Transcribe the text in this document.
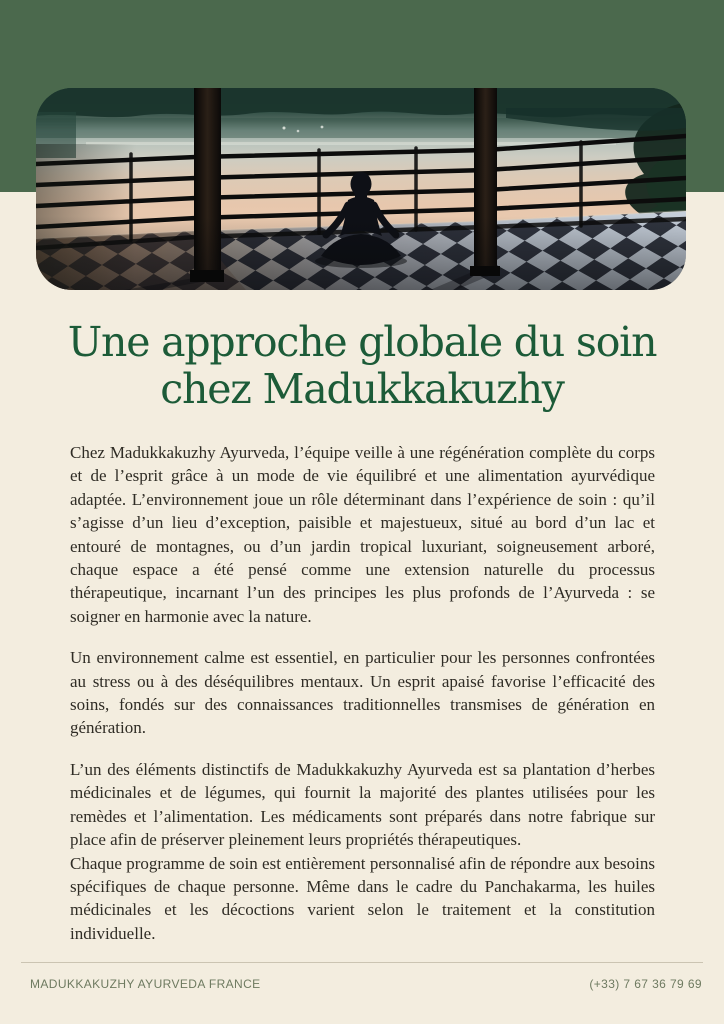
Une approche globale du soin
chez Madukkakuzhy

Chez Madukkakuzhy Ayurveda, l’équipe veille à une régénération complète du corps et de l’esprit grâce à un mode de vie équilibré et une alimentation ayurvédique adaptée. L’environnement joue un rôle déterminant dans l’expérience de soin : qu’il s’agisse d’un lieu d’exception, paisible et majestueux, situé au bord d’un lac et entouré de montagnes, ou d’un jardin tropical luxuriant, soigneusement arboré, chaque espace a été pensé comme une extension naturelle du processus thérapeutique, incarnant l’un des principes les plus profonds de l’Ayurveda : se soigner en harmonie avec la nature.

Un environnement calme est essentiel, en particulier pour les personnes confrontées au stress ou à des déséquilibres mentaux. Un esprit apaisé favorise l’efficacité des soins, fondés sur des connaissances traditionnelles transmises de génération en génération.

L’un des éléments distinctifs de Madukkakuzhy Ayurveda est sa plantation d’herbes médicinales et de légumes, qui fournit la majorité des plantes utilisées pour les remèdes et l’alimentation. Les médicaments sont préparés dans notre fabrique sur place afin de préserver pleinement leurs propriétés thérapeutiques.

Chaque programme de soin est entièrement personnalisé afin de répondre aux besoins spécifiques de chaque personne. Même dans le cadre du Panchakarma, les huiles médicinales et les décoctions varient selon le traitement et la constitution individuelle.

MADUKKAKUZHY AYURVEDA FRANCE	(+33) 7 67 36 79 69
